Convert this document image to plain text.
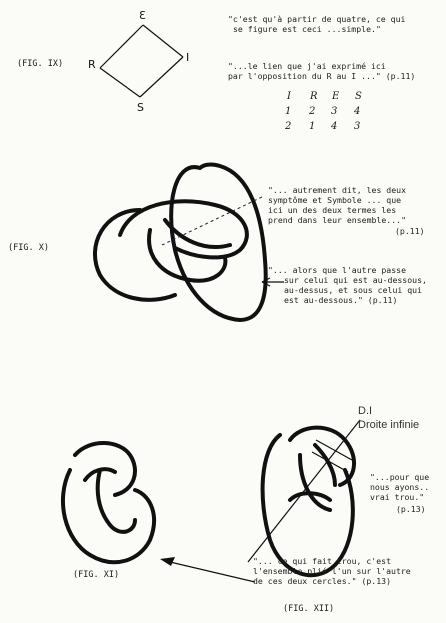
(FIG. IX)
Ɛ
R
I
S
"c'est qu'à partir de quatre, ce qui
se figure est ceci ...simple."
"...le lien que j'ai exprimé ici
par l'opposition du R au I ..." (p.11)
I R E S
1 2 3 4
2 1 4 3
(FIG. X)
"... autrement dit, les deux
symptôme et Symbole ... que
ici un des deux termes les
prend dans leur ensemble..."
(p.11)
"... alors que l'autre passe
sur celui qui est au-dessous,
au-dessus, et sous celui qui
est au-dessous." (p.11)
(FIG. XI)
"... ce qui fait trou, c'est
l'ensemble plié l'un sur l'autre
de ces deux cercles." (p.13)
(FIG. XII)
D.I
Droite infinie
"...pour que
nous ayons..
vrai trou."
(p.13)
